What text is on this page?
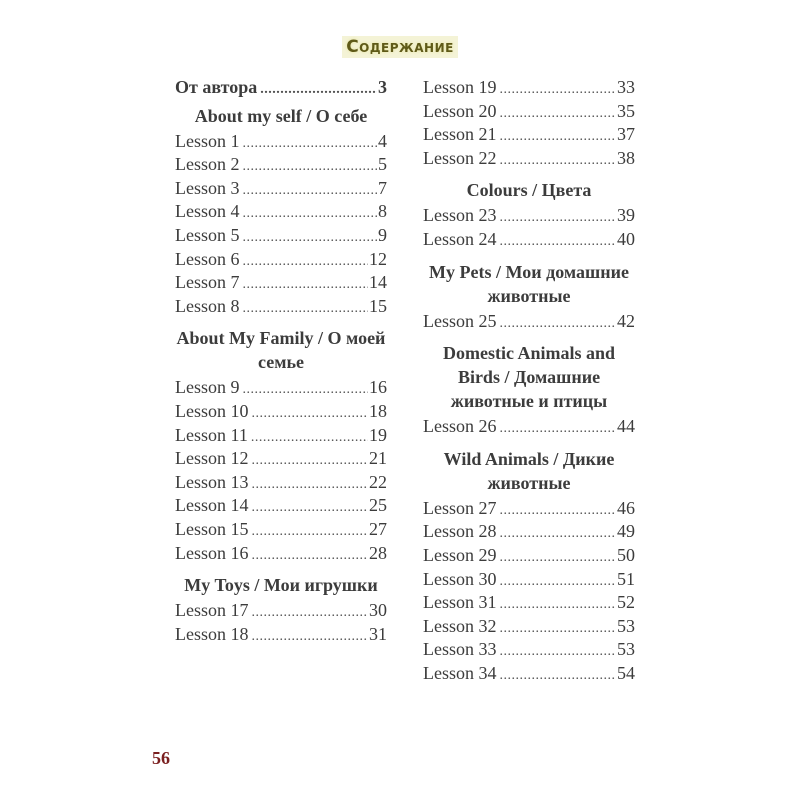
Содержание
От автора .....	3
About my self / О себе
Lesson 1 .....	4
Lesson 2 .....	5
Lesson 3 .....	7
Lesson 4 .....	8
Lesson 5 .....	9
Lesson 6 .....	12
Lesson 7 .....	14
Lesson 8 .....	15
About My Family / О моей семье
Lesson 9 .....	16
Lesson 10 .....	18
Lesson 11 .....	19
Lesson 12 .....	21
Lesson 13 .....	22
Lesson 14 .....	25
Lesson 15 .....	27
Lesson 16 .....	28
My Toys / Мои игрушки
Lesson 17 .....	30
Lesson 18 .....	31
Lesson 19 .....	33
Lesson 20 .....	35
Lesson 21 .....	37
Lesson 22 .....	38
Colours / Цвета
Lesson 23 .....	39
Lesson 24 .....	40
My Pets / Мои домашние животные
Lesson 25 .....	42
Domestic Animals and Birds / Домашние животные и птицы
Lesson 26 .....	44
Wild Animals / Дикие животные
Lesson 27 .....	46
Lesson 28 .....	49
Lesson 29 .....	50
Lesson 30 .....	51
Lesson 31 .....	52
Lesson 32 .....	53
Lesson 33 .....	53
Lesson 34 .....	54
56
